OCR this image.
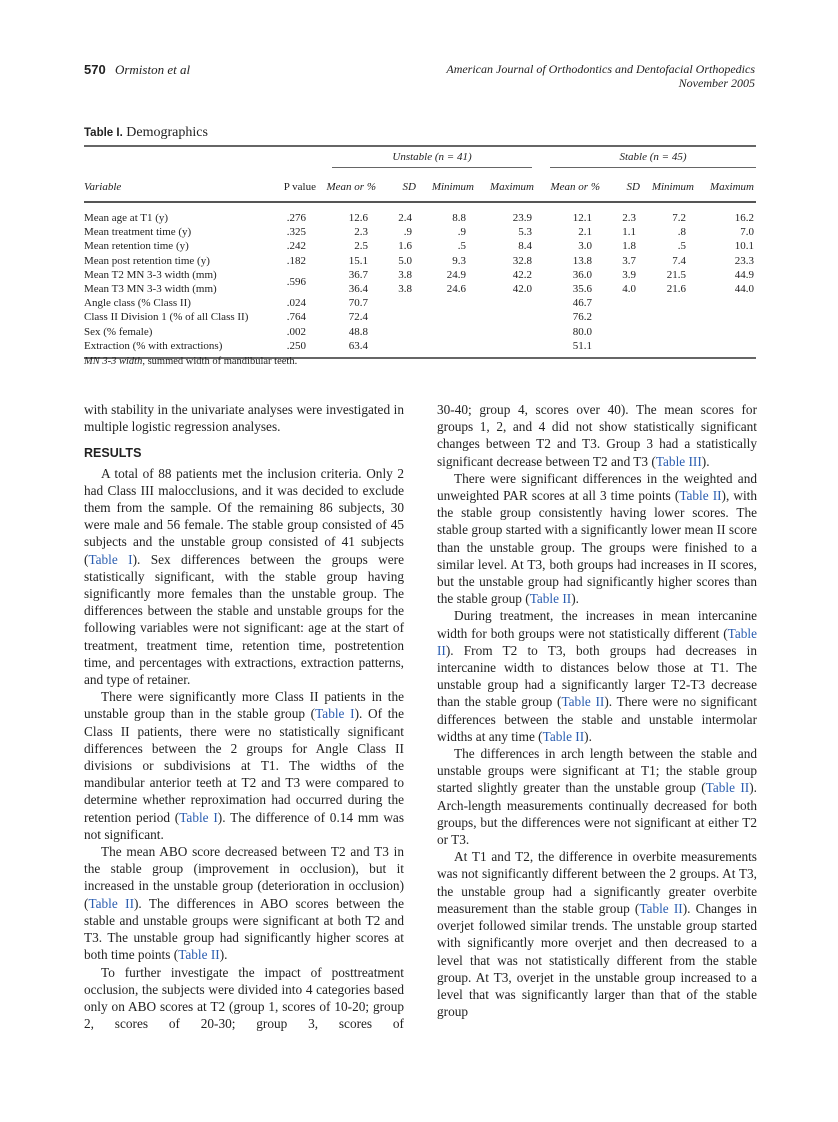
570 Ormiston et al	American Journal of Orthodontics and Dentofacial Orthopedics
November 2005
Table I. Demographics

		Unstable (n = 41)				Stable (n = 45)			

Variable	P value	Mean or %	SD	Minimum	Maximum	Mean or %	SD	Minimum	Maximum
Mean age at T1 (y)	.276	12.6	2.4	8.8	23.9	12.1	2.3	7.2	16.2
Mean treatment time (y)	.325	2.3	.9	.9	5.3	2.1	1.1	.8	7.0
Mean retention time (y)	.242	2.5	1.6	.5	8.4	3.0	1.8	.5	10.1
Mean post retention time (y)	.182	15.1	5.0	9.3	32.8	13.8	3.7	7.4	23.3
Mean T2 MN 3-3 width (mm)	.596	36.7	3.8	24.9	42.2	36.0	3.9	21.5	44.9
Mean T3 MN 3-3 width (mm)		36.4	3.8	24.6	42.0	35.6	4.0	21.6	44.0
Angle class (% Class II)	.024	70.7				46.7			
Class II Division 1 (% of all Class II)	.764	72.4				76.2			
Sex (% female)	.002	48.8				80.0			
Extraction (% with extractions)	.250	63.4				51.1			
MN 3-3 width, summed width of mandibular teeth.

with stability in the univariate analyses were investigated in multiple logistic regression analyses.

RESULTS

A total of 88 patients met the inclusion criteria. Only 2 had Class III malocclusions, and it was decided to exclude them from the sample. Of the remaining 86 subjects, 30 were male and 56 female. The stable group consisted of 45 subjects and the unstable group consisted of 41 subjects (Table I). Sex differences between the groups were statistically significant, with the stable group having significantly more females than the unstable group. The differences between the stable and unstable groups for the following variables were not significant: age at the start of treatment, treatment time, retention time, postretention time, and percentages with extractions, extraction patterns, and type of retainer.

There were significantly more Class II patients in the unstable group than in the stable group (Table I). Of the Class II patients, there were no statistically significant differences between the 2 groups for Angle Class II divisions or subdivisions at T1. The widths of the mandibular anterior teeth at T2 and T3 were compared to determine whether reproximation had occurred during the retention period (Table I). The difference of 0.14 mm was not significant.

The mean ABO score decreased between T2 and T3 in the stable group (improvement in occlusion), but it increased in the unstable group (deterioration in occlusion) (Table II). The differences in ABO scores between the stable and unstable groups were significant at both T2 and T3. The unstable group had significantly higher scores at both time points (Table II).

To further investigate the impact of posttreatment occlusion, the subjects were divided into 4 categories based only on ABO scores at T2 (group 1, scores of 10-20; group 2, scores of 20-30; group 3, scores of

30-40; group 4, scores over 40). The mean scores for groups 1, 2, and 4 did not show statistically significant changes between T2 and T3. Group 3 had a statistically significant decrease between T2 and T3 (Table III).

There were significant differences in the weighted and unweighted PAR scores at all 3 time points (Table II), with the stable group consistently having lower scores. The stable group started with a significantly lower mean II score than the unstable group. The groups were finished to a similar level. At T3, both groups had increases in II scores, but the unstable group had significantly higher scores than the stable group (Table II).

During treatment, the increases in mean intercanine width for both groups were not statistically different (Table II). From T2 to T3, both groups had decreases in intercanine width to distances below those at T1. The unstable group had a significantly larger T2-T3 decrease than the stable group (Table II). There were no significant differences between the stable and unstable intermolar widths at any time (Table II).

The differences in arch length between the stable and unstable groups were significant at T1; the stable group started slightly greater than the unstable group (Table II). Arch-length measurements continually decreased for both groups, but the differences were not significant at either T2 or T3.

At T1 and T2, the difference in overbite measurements was not significantly different between the 2 groups. At T3, the unstable group had a significantly greater overbite measurement than the stable group (Table II). Changes in overjet followed similar trends. The unstable group started with significantly more overjet and then decreased to a level that was not statistically different from the stable group. At T3, overjet in the unstable group increased to a level that was significantly larger than that of the stable group
